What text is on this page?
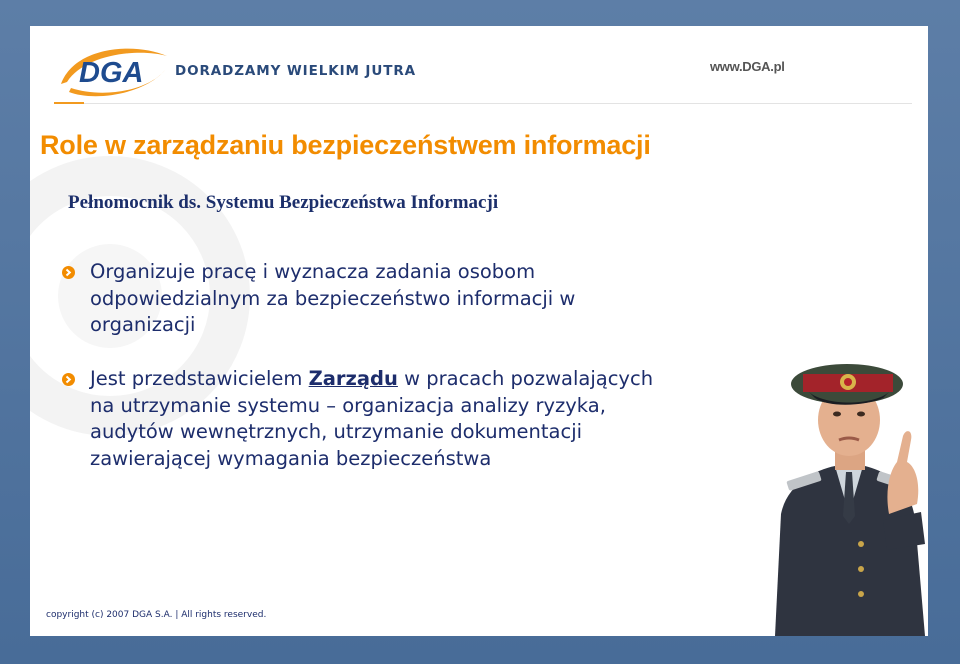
DGA DORADZAMY WIELKIM JUTRA	www.DGA.pl
Role w zarządzaniu bezpieczeństwem informacji
Pełnomocnik ds. Systemu Bezpieczeństwa Informacji
Organizuje pracę i wyznacza zadania osobom odpowiedzialnym za bezpieczeństwo informacji w organizacji
Jest przedstawicielem Zarządu w pracach pozwalających na utrzymanie systemu – organizacja analizy ryzyka, audytów wewnętrznych, utrzymanie dokumentacji zawierającej wymagania bezpieczeństwa
copyright (c) 2007 DGA S.A. | All rights reserved.
